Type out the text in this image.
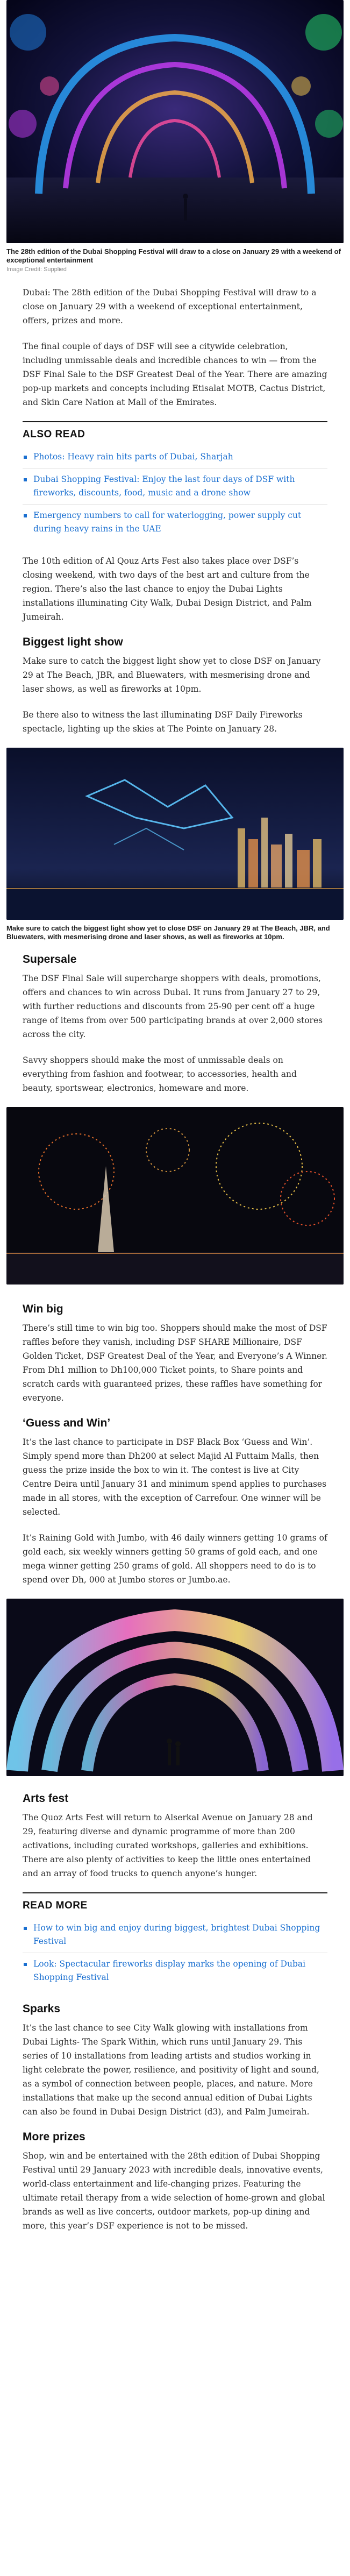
The 28th edition of the Dubai Shopping Festival will draw to a close on January 29 with a weekend of exceptional entertainment
Image Credit: Supplied

Dubai: The 28th edition of the Dubai Shopping Festival will draw to a close on January 29 with a weekend of exceptional entertainment, offers, prizes and more.

The final couple of days of DSF will see a citywide celebration, including unmissable deals and incredible chances to win — from the DSF Final Sale to the DSF Greatest Deal of the Year. There are amazing pop-up markets and concepts including Etisalat MOTB, Cactus District, and Skin Care Nation at Mall of the Emirates.

ALSO READ
Photos: Heavy rain hits parts of Dubai, Sharjah
Dubai Shopping Festival: Enjoy the last four days of DSF with fireworks, discounts, food, music and a drone show
Emergency numbers to call for waterlogging, power supply cut during heavy rains in the UAE

The 10th edition of Al Qouz Arts Fest also takes place over DSF’s closing weekend, with two days of the best art and culture from the region. There’s also the last chance to enjoy the Dubai Lights installations illuminating City Walk, Dubai Design District, and Palm Jumeirah.

Biggest light show

Make sure to catch the biggest light show yet to close DSF on January 29 at The Beach, JBR, and Bluewaters, with mesmerising drone and laser shows, as well as fireworks at 10pm.

Be there also to witness the last illuminating DSF Daily Fireworks spectacle, lighting up the skies at The Pointe on January 28.

Make sure to catch the biggest light show yet to close DSF on January 29 at The Beach, JBR, and Bluewaters, with mesmerising drone and laser shows, as well as fireworks at 10pm.
Supersale

The DSF Final Sale will supercharge shoppers with deals, promotions, offers and chances to win across Dubai. It runs from January 27 to 29, with further reductions and discounts from 25-90 per cent off a huge range of items from over 500 participating brands at over 2,000 stores across the city.

Savvy shoppers should make the most of unmissable deals on everything from fashion and footwear, to accessories, health and beauty, sportswear, electronics, homeware and more.

Win big

There’s still time to win big too. Shoppers should make the most of DSF raffles before they vanish, including DSF SHARE Millionaire, DSF Golden Ticket, DSF Greatest Deal of the Year, and Everyone’s A Winner. From Dh1 million to Dh100,000 Ticket points, to Share points and scratch cards with guaranteed prizes, these raffles have something for everyone.

‘Guess and Win’

It’s the last chance to participate in DSF Black Box ‘Guess and Win’. Simply spend more than Dh200 at select Majid Al Futtaim Malls, then guess the prize inside the box to win it. The contest is live at City Centre Deira until January 31 and minimum spend applies to purchases made in all stores, with the exception of Carrefour. One winner will be selected.

It’s Raining Gold with Jumbo, with 46 daily winners getting 10 grams of gold each, six weekly winners getting 50 grams of gold each, and one mega winner getting 250 grams of gold. All shoppers need to do is to spend over Dh, 000 at Jumbo stores or Jumbo.ae.

Arts fest

The Quoz Arts Fest will return to Alserkal Avenue on January 28 and 29, featuring diverse and dynamic programme of more than 200 activations, including curated workshops, galleries and exhibitions. There are also plenty of activities to keep the little ones entertained and an array of food trucks to quench anyone’s hunger.

READ MORE
How to win big and enjoy during biggest, brightest Dubai Shopping Festival
Look: Spectacular fireworks display marks the opening of Dubai Shopping Festival
Sparks

It’s the last chance to see City Walk glowing with installations from Dubai Lights- The Spark Within, which runs until January 29. This series of 10 installations from leading artists and studios working in light celebrate the power, resilience, and positivity of light and sound, as a symbol of connection between people, places, and nature. More installations that make up the second annual edition of Dubai Lights can also be found in Dubai Design District (d3), and Palm Jumeirah.

More prizes

Shop, win and be entertained with the 28th edition of Dubai Shopping Festival until 29 January 2023 with incredible deals, innovative events, world-class entertainment and life-changing prizes. Featuring the ultimate retail therapy from a wide selection of home-grown and global brands as well as live concerts, outdoor markets, pop-up dining and more, this year’s DSF experience is not to be missed.
